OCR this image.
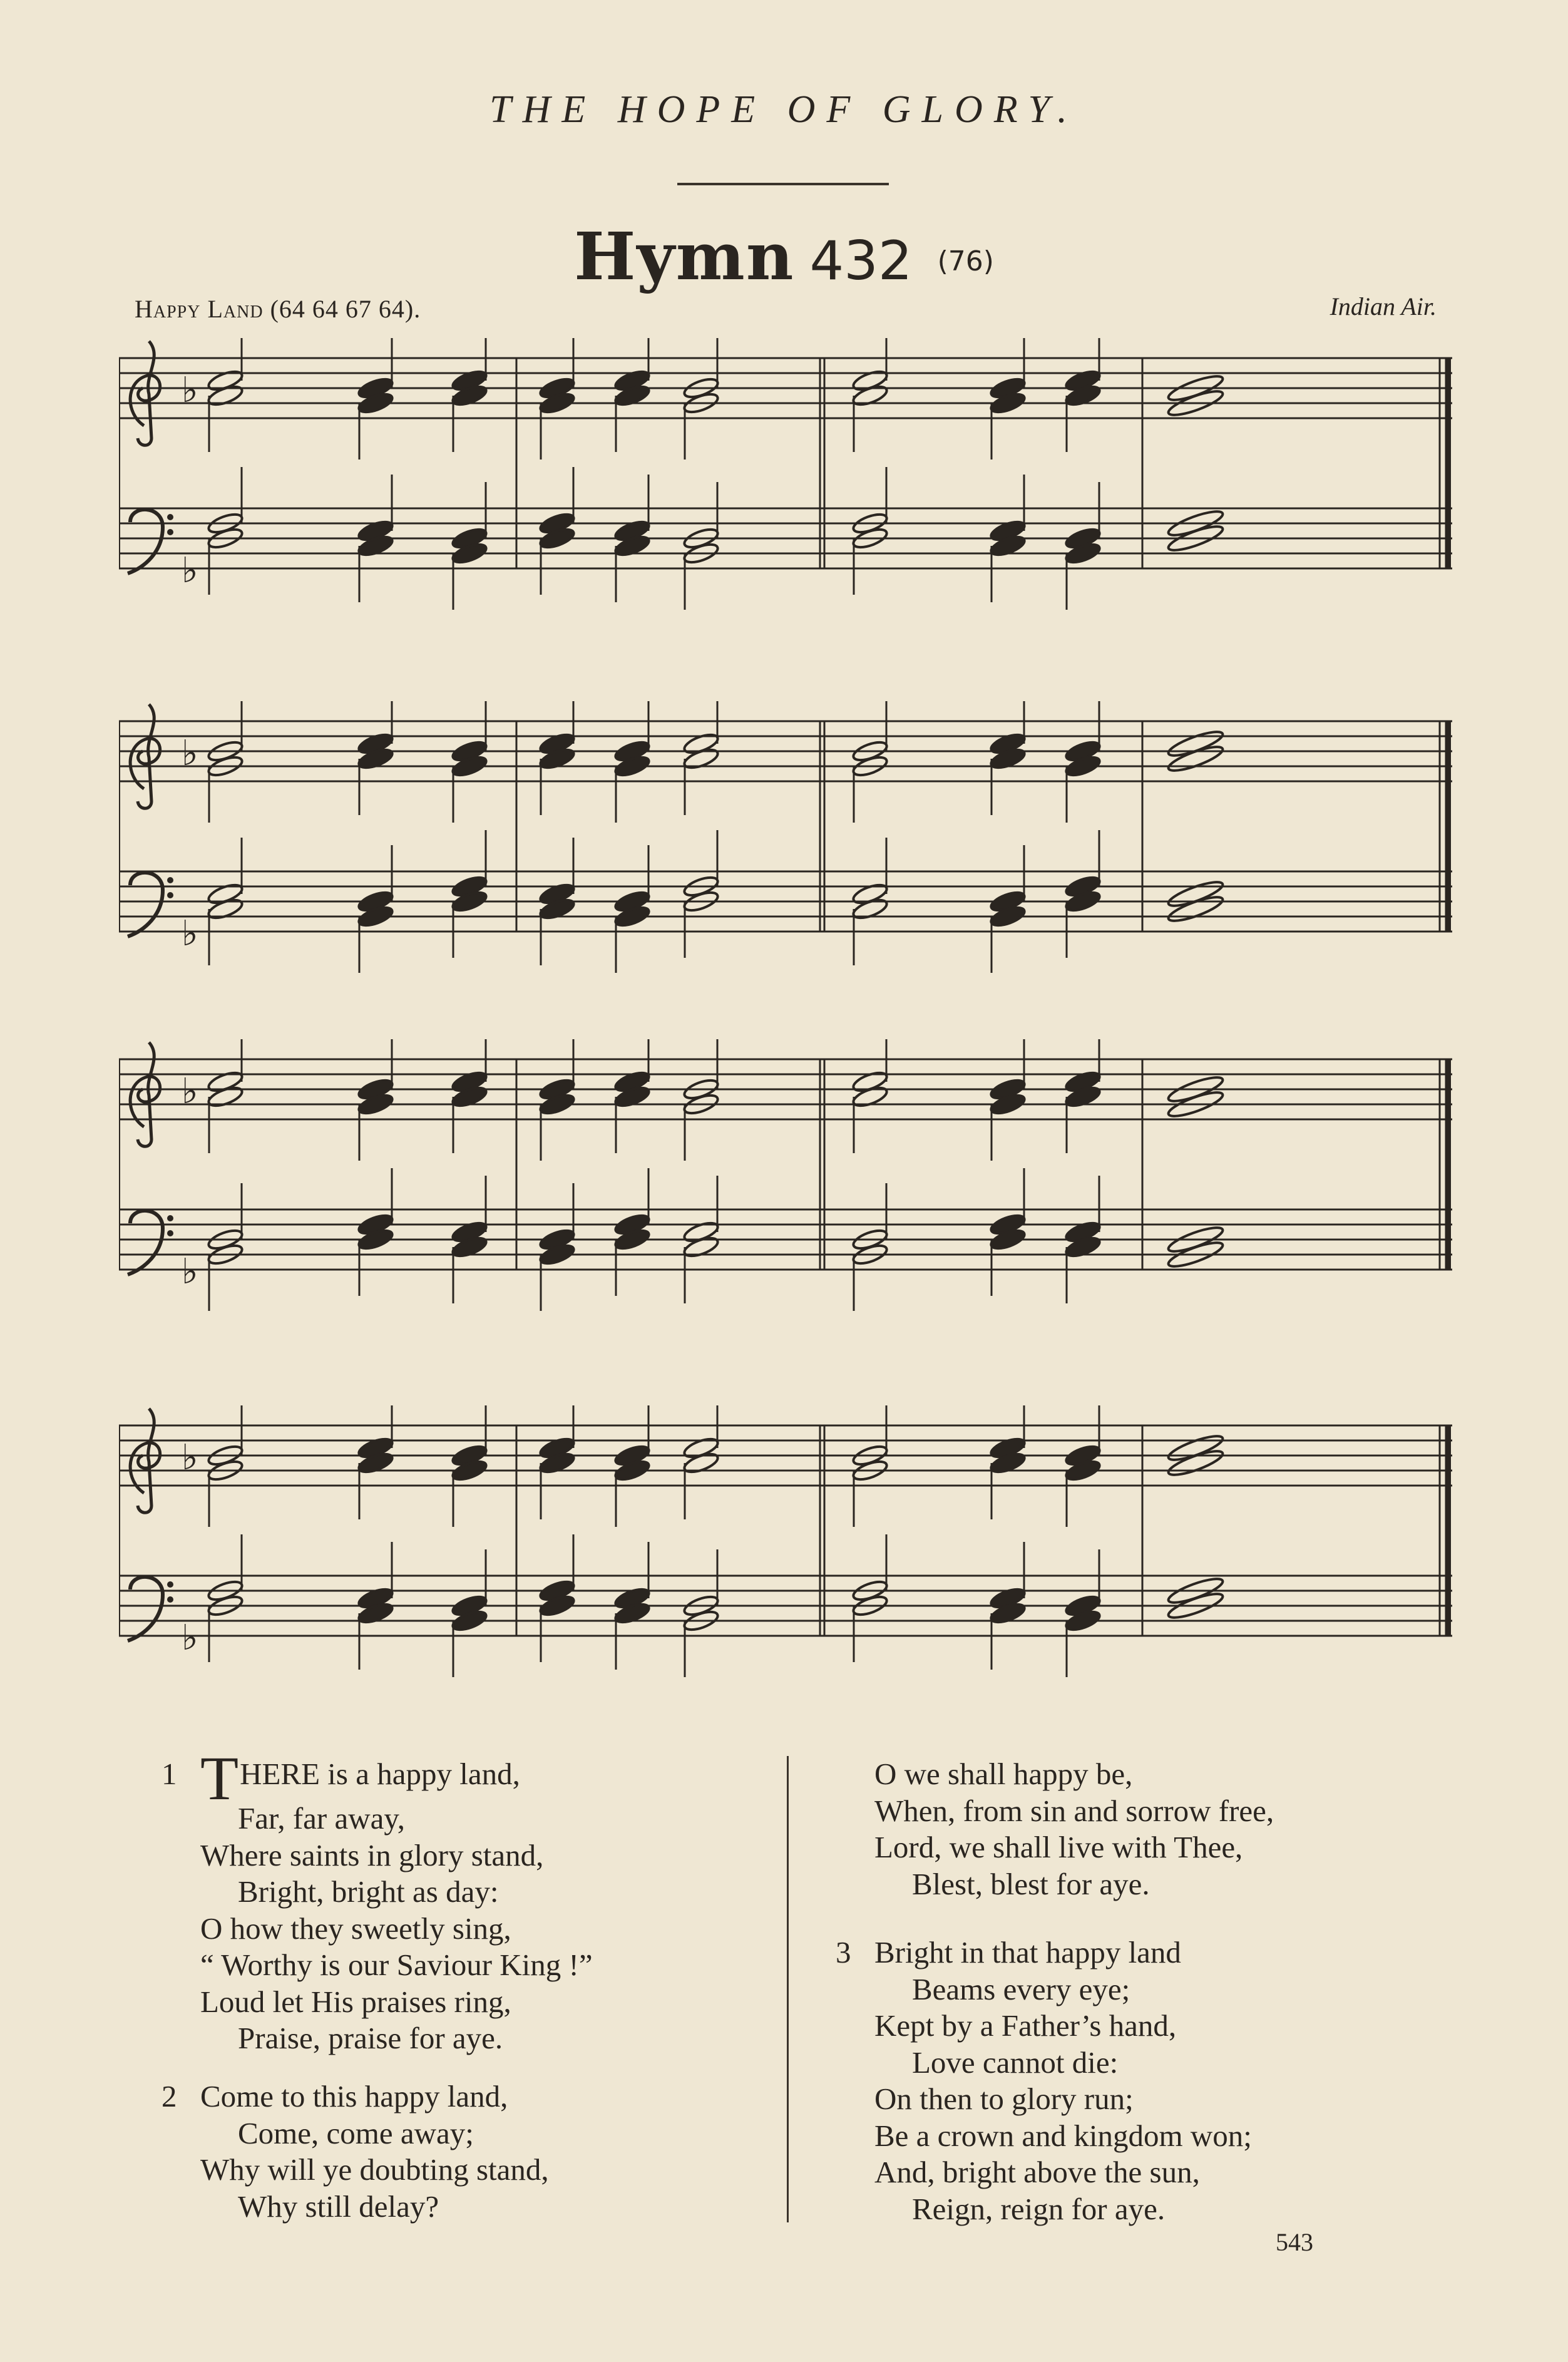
THE HOPE OF GLORY.
Hymn 432 (76)
Happy Land (64 64 67 64).	Indian Air.
♭
♭
♭
♭
♭
♭
♭
♭
1 THERE is a happy land,
Far, far away,
Where saints in glory stand,
Bright, bright as day:
O how they sweetly sing,
“ Worthy is our Saviour King !”
Loud let His praises ring,
Praise, praise for aye.
2 Come to this happy land,
Come, come away;
Why will ye doubting stand,
Why still delay?
O we shall happy be,
When, from sin and sorrow free,
Lord, we shall live with Thee,
Blest, blest for aye.
3 Bright in that happy land
Beams every eye;
Kept by a Father’s hand,
Love cannot die:
On then to glory run;
Be a crown and kingdom won;
And, bright above the sun,
Reign, reign for aye.
543
